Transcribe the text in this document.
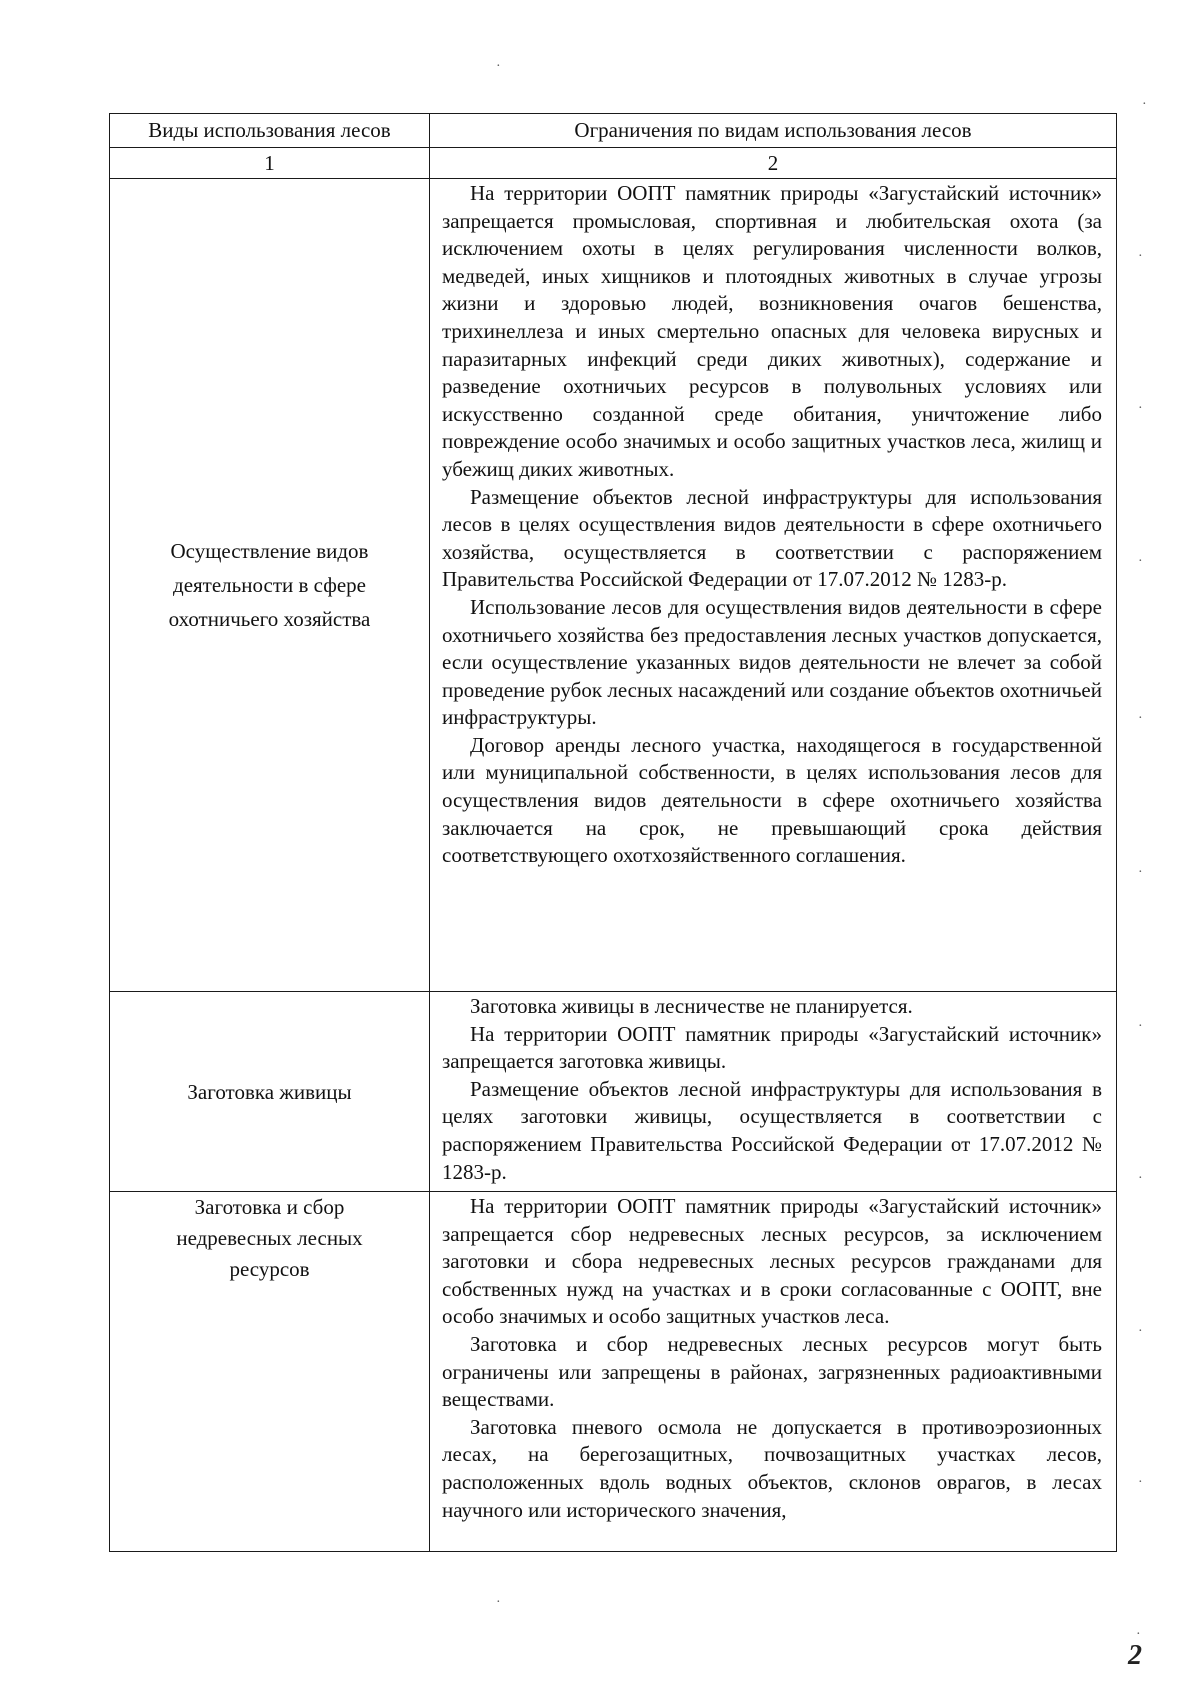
Виды использования лесов	Ограничения по видам использования лесов
1	2
Осуществление видов деятельности в сфере охотничьего хозяйства	На территории ООПТ памятник природы «Загустайский источник» запрещается промысловая, спортивная и любительская охота (за исключением охоты в целях регулирования численности волков, медведей, иных хищников и плотоядных животных в случае угрозы жизни и здоровью людей, возникновения очагов бешенства, трихинеллеза и иных смертельно опасных для человека вирусных и паразитарных инфекций среди диких животных), содержание и разведение охотничьих ресурсов в полувольных условиях или искусственно созданной среде обитания, уничтожение либо повреждение особо значимых и особо защитных участков леса, жилищ и убежищ диких животных.

Размещение объектов лесной инфраструктуры для использования лесов в целях осуществления видов деятельности в сфере охотничьего хозяйства, осуществляется в соответствии с распоряжением Правительства Российской Федерации от 17.07.2012 № 1283-р.

Использование лесов для осуществления видов деятельности в сфере охотничьего хозяйства без предоставления лесных участков допускается, если осуществление указанных видов деятельности не влечет за собой проведение рубок лесных насаждений или создание объектов охотничьей инфраструктуры.

Договор аренды лесного участка, находящегося в государственной или муниципальной собственности, в целях использования лесов для осуществления видов деятельности в сфере охотничьего хозяйства заключается на срок, не превышающий срока действия соответствующего охотхозяйственного соглашения.

Заготовка живицы	Заготовка живицы в лесничестве не планируется.

На территории ООПТ памятник природы «Загустайский источник» запрещается заготовка живицы.

Размещение объектов лесной инфраструктуры для использования в целях заготовки живицы, осуществляется в соответствии с распоряжением Правительства Российской Федерации от 17.07.2012 № 1283-р.

Заготовка и сбор недревесных лесных ресурсов	На территории ООПТ памятник природы «Загустайский источник» запрещается сбор недревесных лесных ресурсов, за исключением заготовки и сбора недревесных лесных ресурсов гражданами для собственных нужд на участках и в сроки согласованные с ООПТ, вне особо значимых и особо защитных участков леса.

Заготовка и сбор недревесных лесных ресурсов могут быть ограничены или запрещены в районах, загрязненных радиоактивными веществами.

Заготовка пневого осмола не допускается в противоэрозионных лесах, на берегозащитных, почвозащитных участках лесов, расположенных вдоль водных объектов, склонов оврагов, в лесах научного или исторического значения,

·
·
·
·
·
·
·
·
·
·
·
·
·
2
